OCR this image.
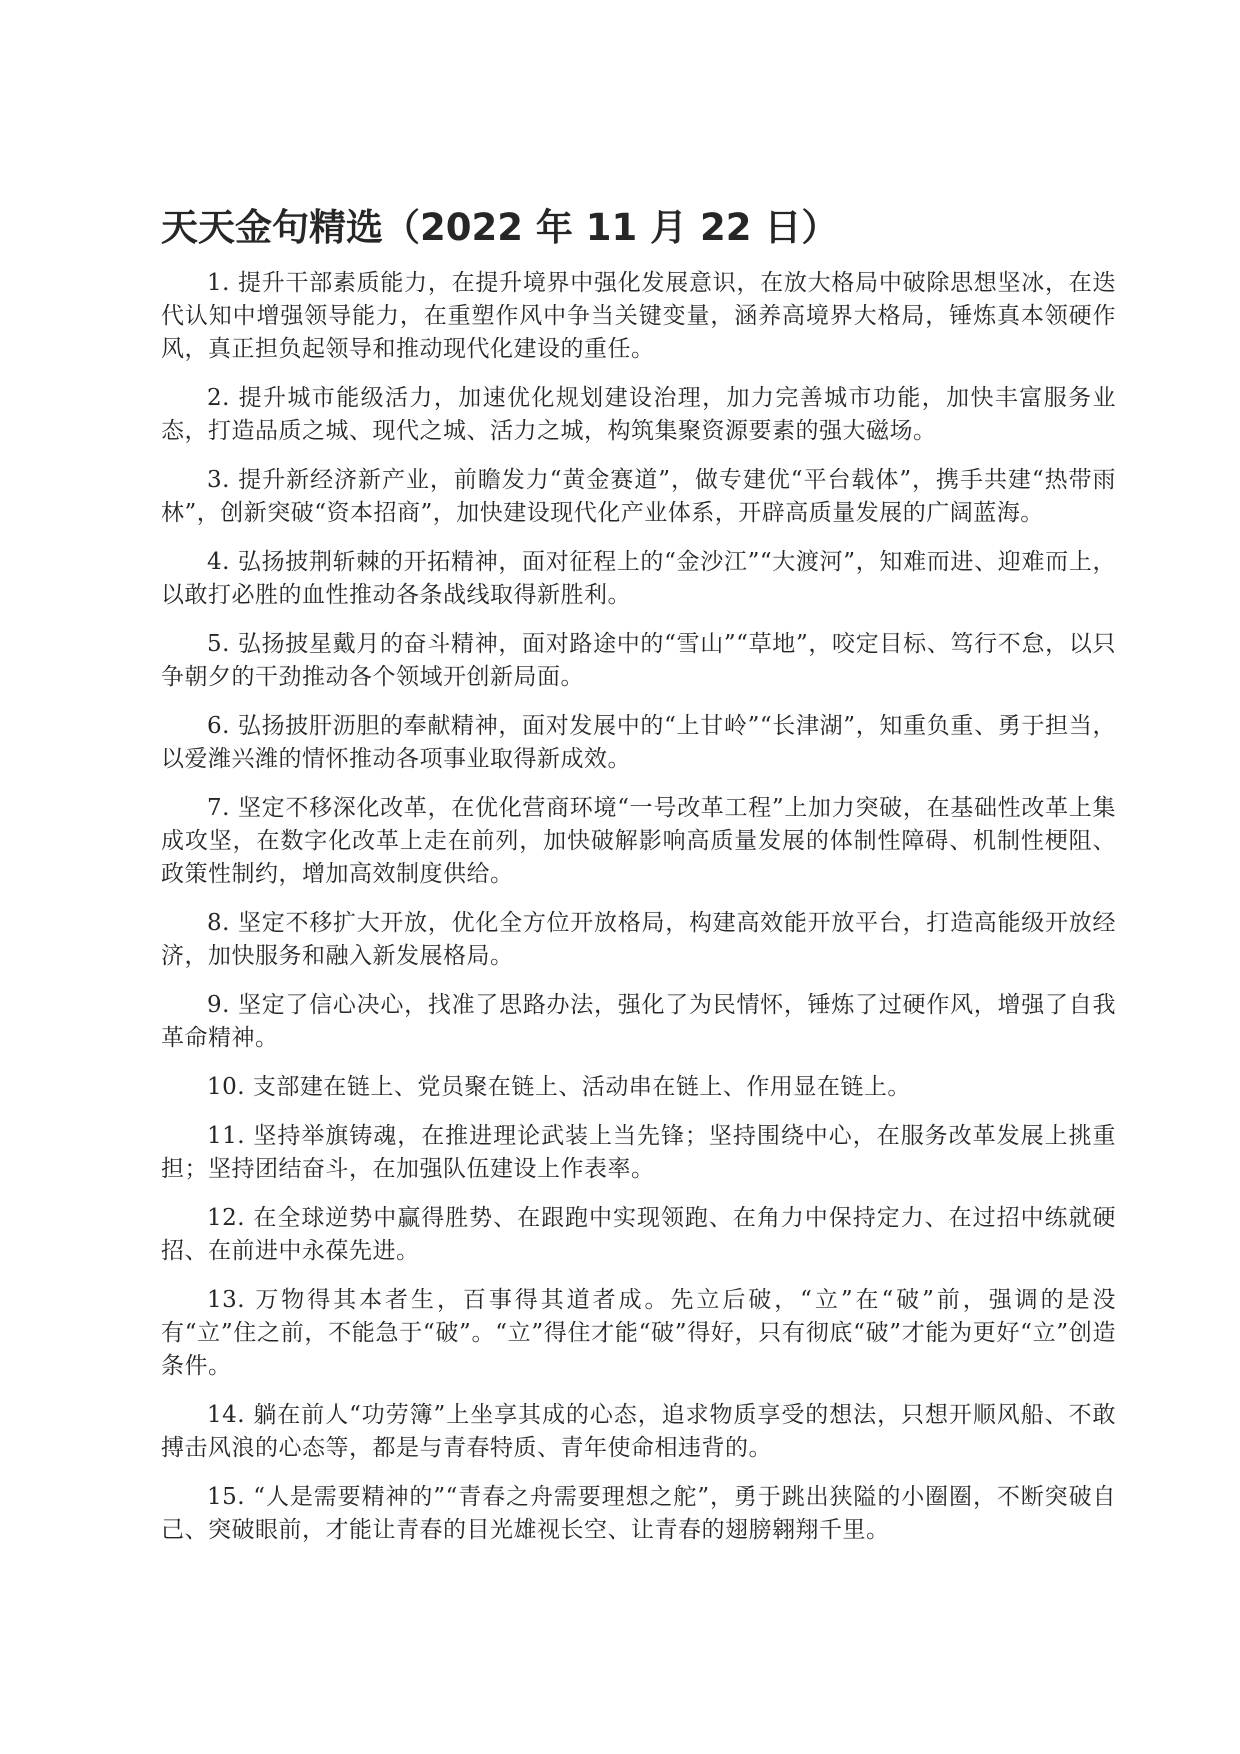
天天金句精选（2022 年 11 月 22 日）

1. 提升干部素质能力，在提升境界中强化发展意识，在放大格局中破除思想坚冰，在迭代认知中增强领导能力，在重塑作风中争当关键变量，涵养高境界大格局，锤炼真本领硬作风，真正担负起领导和推动现代化建设的重任。

2. 提升城市能级活力，加速优化规划建设治理，加力完善城市功能，加快丰富服务业态，打造品质之城、现代之城、活力之城，构筑集聚资源要素的强大磁场。

3. 提升新经济新产业，前瞻发力“黄金赛道”，做专建优“平台载体”，携手共建“热带雨林”，创新突破“资本招商”，加快建设现代化产业体系，开辟高质量发展的广阔蓝海。

4. 弘扬披荆斩棘的开拓精神，面对征程上的“金沙江”“大渡河”，知难而进、迎难而上，以敢打必胜的血性推动各条战线取得新胜利。

5. 弘扬披星戴月的奋斗精神，面对路途中的“雪山”“草地”，咬定目标、笃行不怠，以只争朝夕的干劲推动各个领域开创新局面。

6. 弘扬披肝沥胆的奉献精神，面对发展中的“上甘岭”“长津湖”，知重负重、勇于担当，以爱潍兴潍的情怀推动各项事业取得新成效。

7. 坚定不移深化改革，在优化营商环境“一号改革工程”上加力突破，在基础性改革上集成攻坚，在数字化改革上走在前列，加快破解影响高质量发展的体制性障碍、机制性梗阻、政策性制约，增加高效制度供给。

8. 坚定不移扩大开放，优化全方位开放格局，构建高效能开放平台，打造高能级开放经济，加快服务和融入新发展格局。

9. 坚定了信心决心，找准了思路办法，强化了为民情怀，锤炼了过硬作风，增强了自我革命精神。

10. 支部建在链上、党员聚在链上、活动串在链上、作用显在链上。

11. 坚持举旗铸魂，在推进理论武装上当先锋；坚持围绕中心，在服务改革发展上挑重担；坚持团结奋斗，在加强队伍建设上作表率。

12. 在全球逆势中赢得胜势、在跟跑中实现领跑、在角力中保持定力、在过招中练就硬招、在前进中永葆先进。

13. 万物得其本者生，百事得其道者成。先立后破，“立”在“破”前，强调的是没有“立”住之前，不能急于“破”。“立”得住才能“破”得好，只有彻底“破”才能为更好“立”创造条件。

14. 躺在前人“功劳簿”上坐享其成的心态，追求物质享受的想法，只想开顺风船、不敢搏击风浪的心态等，都是与青春特质、青年使命相违背的。

15. “人是需要精神的”“青春之舟需要理想之舵”，勇于跳出狭隘的小圈圈，不断突破自己、突破眼前，才能让青春的目光雄视长空、让青春的翅膀翱翔千里。
